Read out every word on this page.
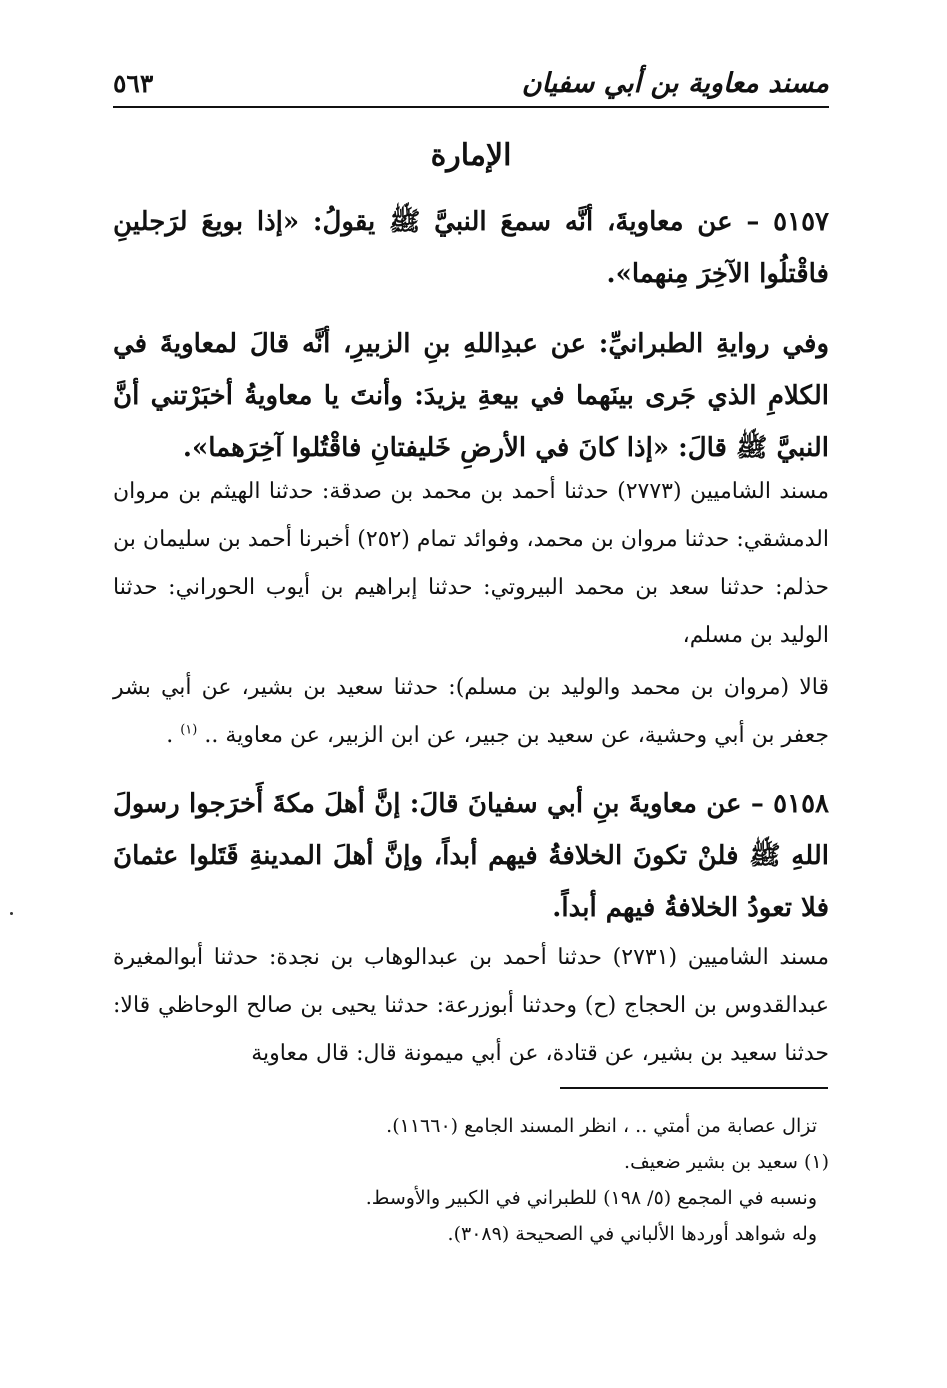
مسند معاوية بن أبي سفيان
٥٦٣
الإمارة
٥١٥٧ – عن معاويةَ، أنَّه سمعَ النبيَّ ﷺ يقولُ: «إذا بويعَ لرَجلينِ فاقْتلُوا الآخِرَ مِنهما».
وفي روايةِ الطبرانيِّ: عن عبدِاللهِ بنِ الزبيرِ، أنَّه قالَ لمعاويةَ في الكلامِ الذي جَرى بينَهما في بيعةِ يزيدَ: وأنتَ يا معاويةُ أخبَرْتني أنَّ النبيَّ ﷺ قالَ: «إذا كانَ في الأرضِ خَليفتانِ فاقْتُلوا آخِرَهما».
مسند الشاميين (٢٧٧٣) حدثنا أحمد بن محمد بن صدقة: حدثنا الهيثم بن مروان الدمشقي: حدثنا مروان بن محمد، وفوائد تمام (٢٥٢) أخبرنا أحمد بن سليمان بن حذلم: حدثنا سعد بن محمد البيروتي: حدثنا إبراهيم بن أيوب الحوراني: حدثنا الوليد بن مسلم،
قالا (مروان بن محمد والوليد بن مسلم): حدثنا سعيد بن بشير، عن أبي بشر جعفر بن أبي وحشية، عن سعيد بن جبير، عن ابن الزبير، عن معاوية .. $^{(١)}$ .
٥١٥٨ – عن معاويةَ بنِ أبي سفيانَ قالَ: إنَّ أهلَ مكةَ أَخرَجوا رسولَ اللهِ ﷺ فلنْ تكونَ الخلافةُ فيهم أبداً، وإنَّ أهلَ المدينةِ قَتَلوا عثمانَ فلا تعودُ الخلافةُ فيهم أبداً.
مسند الشاميين (٢٧٣١) حدثنا أحمد بن عبدالوهاب بن نجدة: حدثنا أبوالمغيرة عبدالقدوس بن الحجاج (ح) وحدثنا أبوزرعة: حدثنا يحيى بن صالح الوحاظي قالا: حدثنا سعيد بن بشير، عن قتادة، عن أبي ميمونة قال: قال معاوية

تزال عصابة من أمتي .. ، انظر المسند الجامع (١١٦٦٠).

(١) سعيد بن بشير ضعيف.

ونسبه في المجمع (٥/ ١٩٨) للطبراني في الكبير والأوسط.

وله شواهد أوردها الألباني في الصحيحة (٣٠٨٩).
